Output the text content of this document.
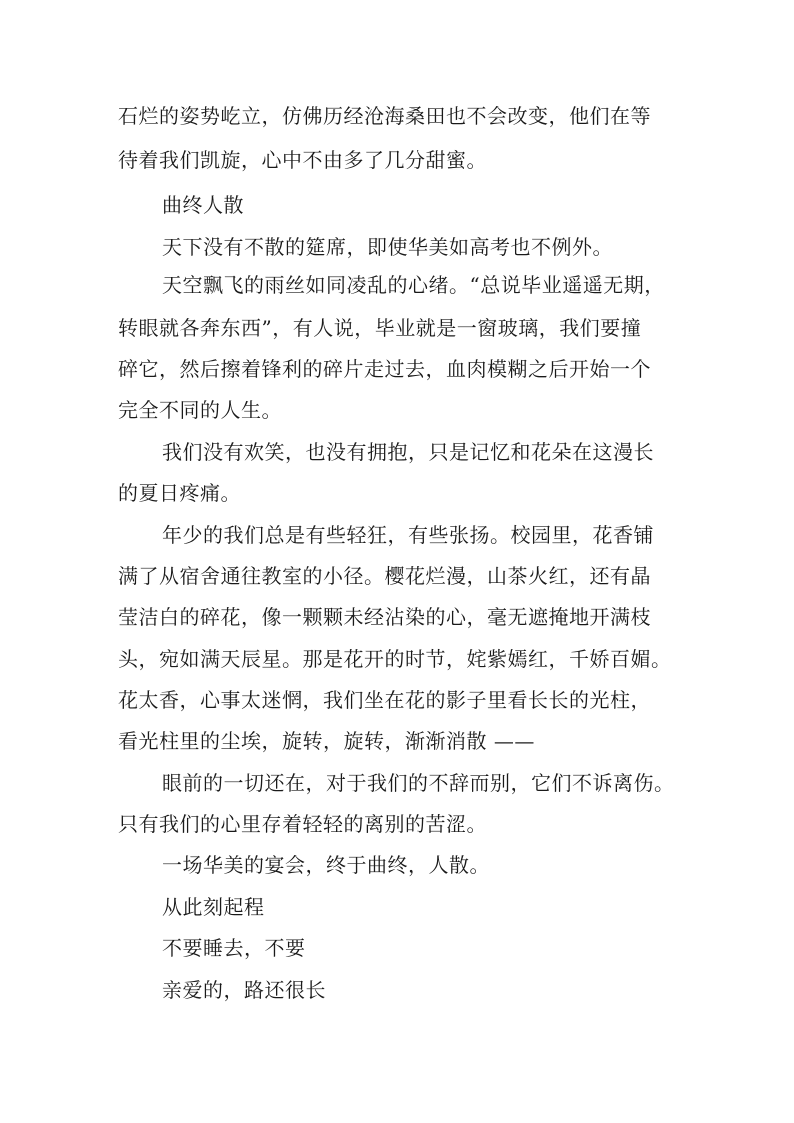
石烂的姿势屹立，仿佛历经沧海桑田也不会改变，他们在等
待着我们凯旋，心中不由多了几分甜蜜。
曲终人散
天下没有不散的筵席，即使华美如高考也不例外。
天空飘飞的雨丝如同凌乱的心绪。“总说毕业遥遥无期，
转眼就各奔东西”，有人说，毕业就是一窗玻璃，我们要撞
碎它，然后擦着锋利的碎片走过去，血肉模糊之后开始一个
完全不同的人生。
我们没有欢笑，也没有拥抱，只是记忆和花朵在这漫长
的夏日疼痛。
年少的我们总是有些轻狂，有些张扬。校园里，花香铺
满了从宿舍通往教室的小径。樱花烂漫，山茶火红，还有晶
莹洁白的碎花，像一颗颗未经沾染的心，毫无遮掩地开满枝
头，宛如满天辰星。那是花开的时节，姹紫嫣红，千娇百媚。
花太香，心事太迷惘，我们坐在花的影子里看长长的光柱，
看光柱里的尘埃，旋转，旋转，渐渐消散 ——
眼前的一切还在，对于我们的不辞而别，它们不诉离伤。
只有我们的心里存着轻轻的离别的苦涩。
一场华美的宴会，终于曲终，人散。
从此刻起程
不要睡去，不要
亲爱的，路还很长
